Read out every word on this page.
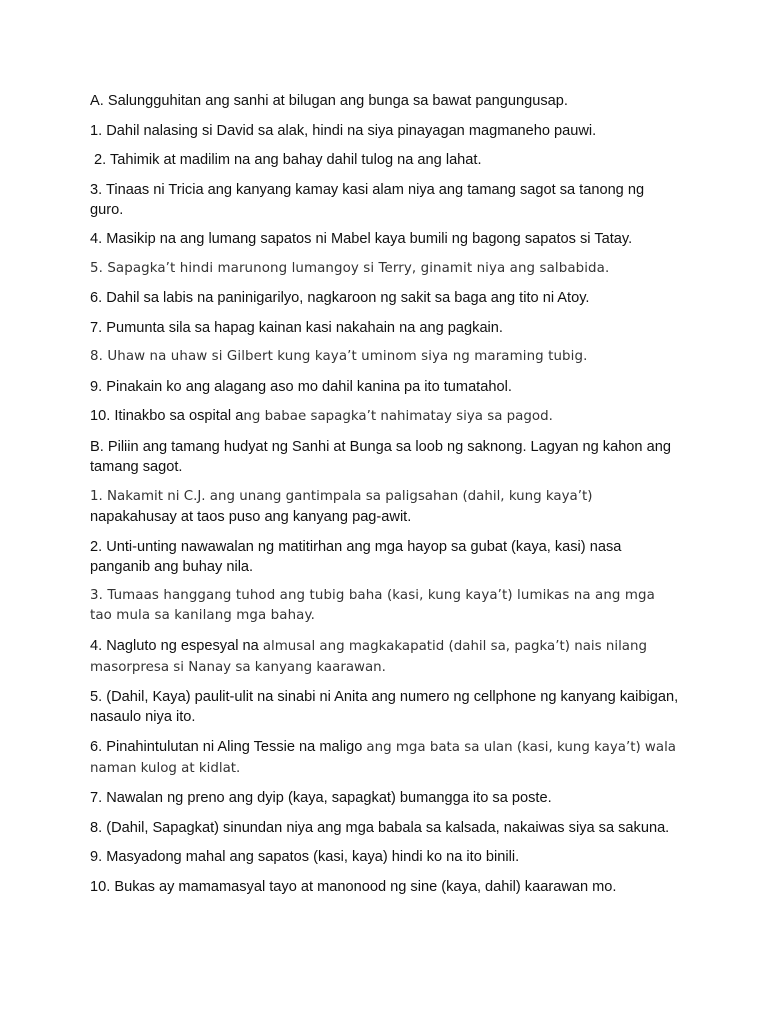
A. Salungguhitan ang sanhi at bilugan ang bunga sa bawat pangungusap.
1. Dahil nalasing si David sa alak, hindi na siya pinayagan magmaneho pauwi.
2. Tahimik at madilim na ang bahay dahil tulog na ang lahat.
3. Tinaas ni Tricia ang kanyang kamay kasi alam niya ang tamang sagot sa tanong ng guro.
4. Masikip na ang lumang sapatos ni Mabel kaya bumili ng bagong sapatos si Tatay.
5. Sapagka’t hindi marunong lumangoy si Terry, ginamit niya ang salbabida.
6. Dahil sa labis na paninigarilyo, nagkaroon ng sakit sa baga ang tito ni Atoy.
7. Pumunta sila sa hapag kainan kasi nakahain na ang pagkain.
8. Uhaw na uhaw si Gilbert kung kaya’t uminom siya ng maraming tubig.
9. Pinakain ko ang alagang aso mo dahil kanina pa ito tumatahol.
10. Itinakbo sa ospital ang babae sapagka’t nahimatay siya sa pagod.
B. Piliin ang tamang hudyat ng Sanhi at Bunga sa loob ng saknong. Lagyan ng kahon ang tamang sagot.
1. Nakamit ni C.J. ang unang gantimpala sa paligsahan (dahil, kung kaya’t)
napakahusay at taos puso ang kanyang pag-awit.
2. Unti-unting nawawalan ng matitirhan ang mga hayop sa gubat (kaya, kasi) nasa panganib ang buhay nila.
3. Tumaas hanggang tuhod ang tubig baha (kasi, kung kaya’t) lumikas na ang mga tao mula sa kanilang mga bahay.
4. Nagluto ng espesyal na almusal ang magkakapatid (dahil sa, pagka’t) nais nilang masorpresa si Nanay sa kanyang kaarawan.
5. (Dahil, Kaya) paulit-ulit na sinabi ni Anita ang numero ng cellphone ng kanyang kaibigan, nasaulo niya ito.
6. Pinahintulutan ni Aling Tessie na maligo ang mga bata sa ulan (kasi, kung kaya’t) wala naman kulog at kidlat.
7. Nawalan ng preno ang dyip (kaya, sapagkat) bumangga ito sa poste.
8. (Dahil, Sapagkat) sinundan niya ang mga babala sa kalsada, nakaiwas siya sa sakuna.
9. Masyadong mahal ang sapatos (kasi, kaya) hindi ko na ito binili.
10. Bukas ay mamamasyal tayo at manonood ng sine (kaya, dahil) kaarawan mo.
